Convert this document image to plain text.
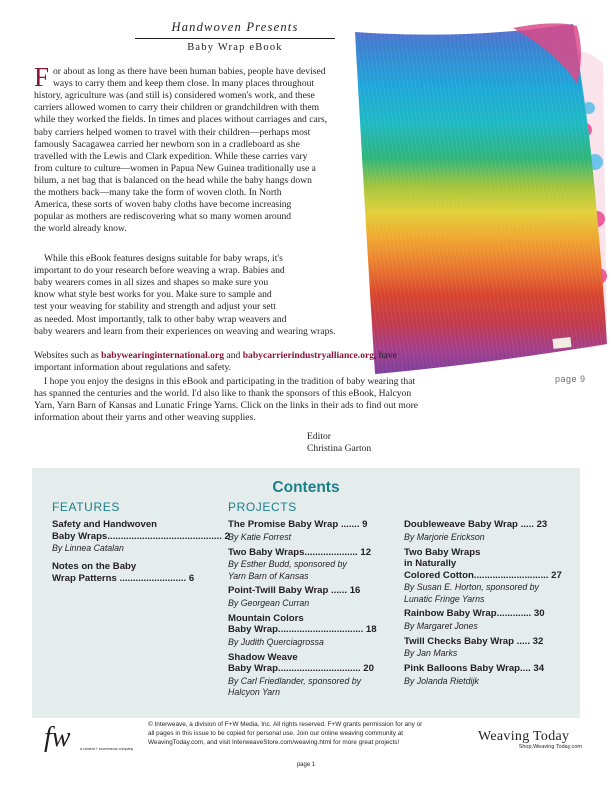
Handwoven Presents
Baby Wrap eBook
page 9
F or about as long as there have been human babies, people have devised
ways to carry them and keep them close. In many places throughout
history, agriculture was (and still is) considered women's work, and these
carriers allowed women to carry their children or grandchildren with them
while they worked the fields. In times and places without carriages and cars,
baby carriers helped women to travel with their children—perhaps most
famously Sacagawea carried her newborn son in a cradleboard as she
travelled with the Lewis and Clark expedition. While these carries vary
from culture to culture—women in Papua New Guinea traditionally use a
bilum, a net bag that is balanced on the head while the baby hangs down
the mothers back—many take the form of woven cloth. In North
America, these sorts of woven baby cloths have become increasing
popular as mothers are rediscovering what so many women around
the world already know.
While this eBook features designs suitable for baby wraps, it's
important to do your research before weaving a wrap. Babies and
baby wearers comes in all sizes and shapes so make sure you
know what style best works for you. Make sure to sample and
test your weaving for stability and strength and adjust your sett
as needed. Most importantly, talk to other baby wrap weavers and
baby wearers and learn from their experiences on weaving and wearing wraps.
Websites such as babywearinginternational.org and babycarrierindustryalliance.org, have
important information about regulations and safety.
I hope you enjoy the designs in this eBook and participating in the tradition of baby wearing that
has spanned the centuries and the world. I'd also like to thank the sponsors of this eBook, Halcyon
Yarn, Yarn Barn of Kansas and Lunatic Fringe Yarns. Click on the links in their ads to find out more
information about their yarns and other weaving supplies.
Editor
Christina Garton
Contents
FEATURES	PROJECTS
Safety and Handwoven
Baby Wraps........................................... 2
By Linnea Catalan
Notes on the Baby
Wrap Patterns ......................... 6
The Promise Baby Wrap ....... 9
By Katie Forrest
Two Baby Wraps.................... 12
By Esther Budd, sponsored by
Yarn Barn of Kansas
Point-Twill Baby Wrap ...... 16
By Georgean Curran
Mountain Colors
Baby Wrap................................ 18
By Judith Querciagrossa
Shadow Weave
Baby Wrap............................... 20
By Carl Friedlander, sponsored by
Halcyon Yarn
Doubleweave Baby Wrap ..... 23
By Marjorie Erickson
Two Baby Wraps
in Naturally
Colored Cotton............................ 27
By Susan E. Horton, sponsored by
Lunatic Fringe Yarns
Rainbow Baby Wrap............. 30
By Margaret Jones
Twill Checks Baby Wrap ..... 32
By Jan Marks
Pink Balloons Baby Wrap.... 34
By Jolanda Rietdijk
fw	a content + ecommerce company
© Interweave, a division of F+W Media, Inc. All rights reserved. F+W grants permission for any or
all pages in this issue to be copied for personal use. Join our online weaving community at
WeavingToday.com, and visit InterweaveStore.com/weaving.html for more great projects!	Weaving Today
Shop.Weaving Today.com
page 1
